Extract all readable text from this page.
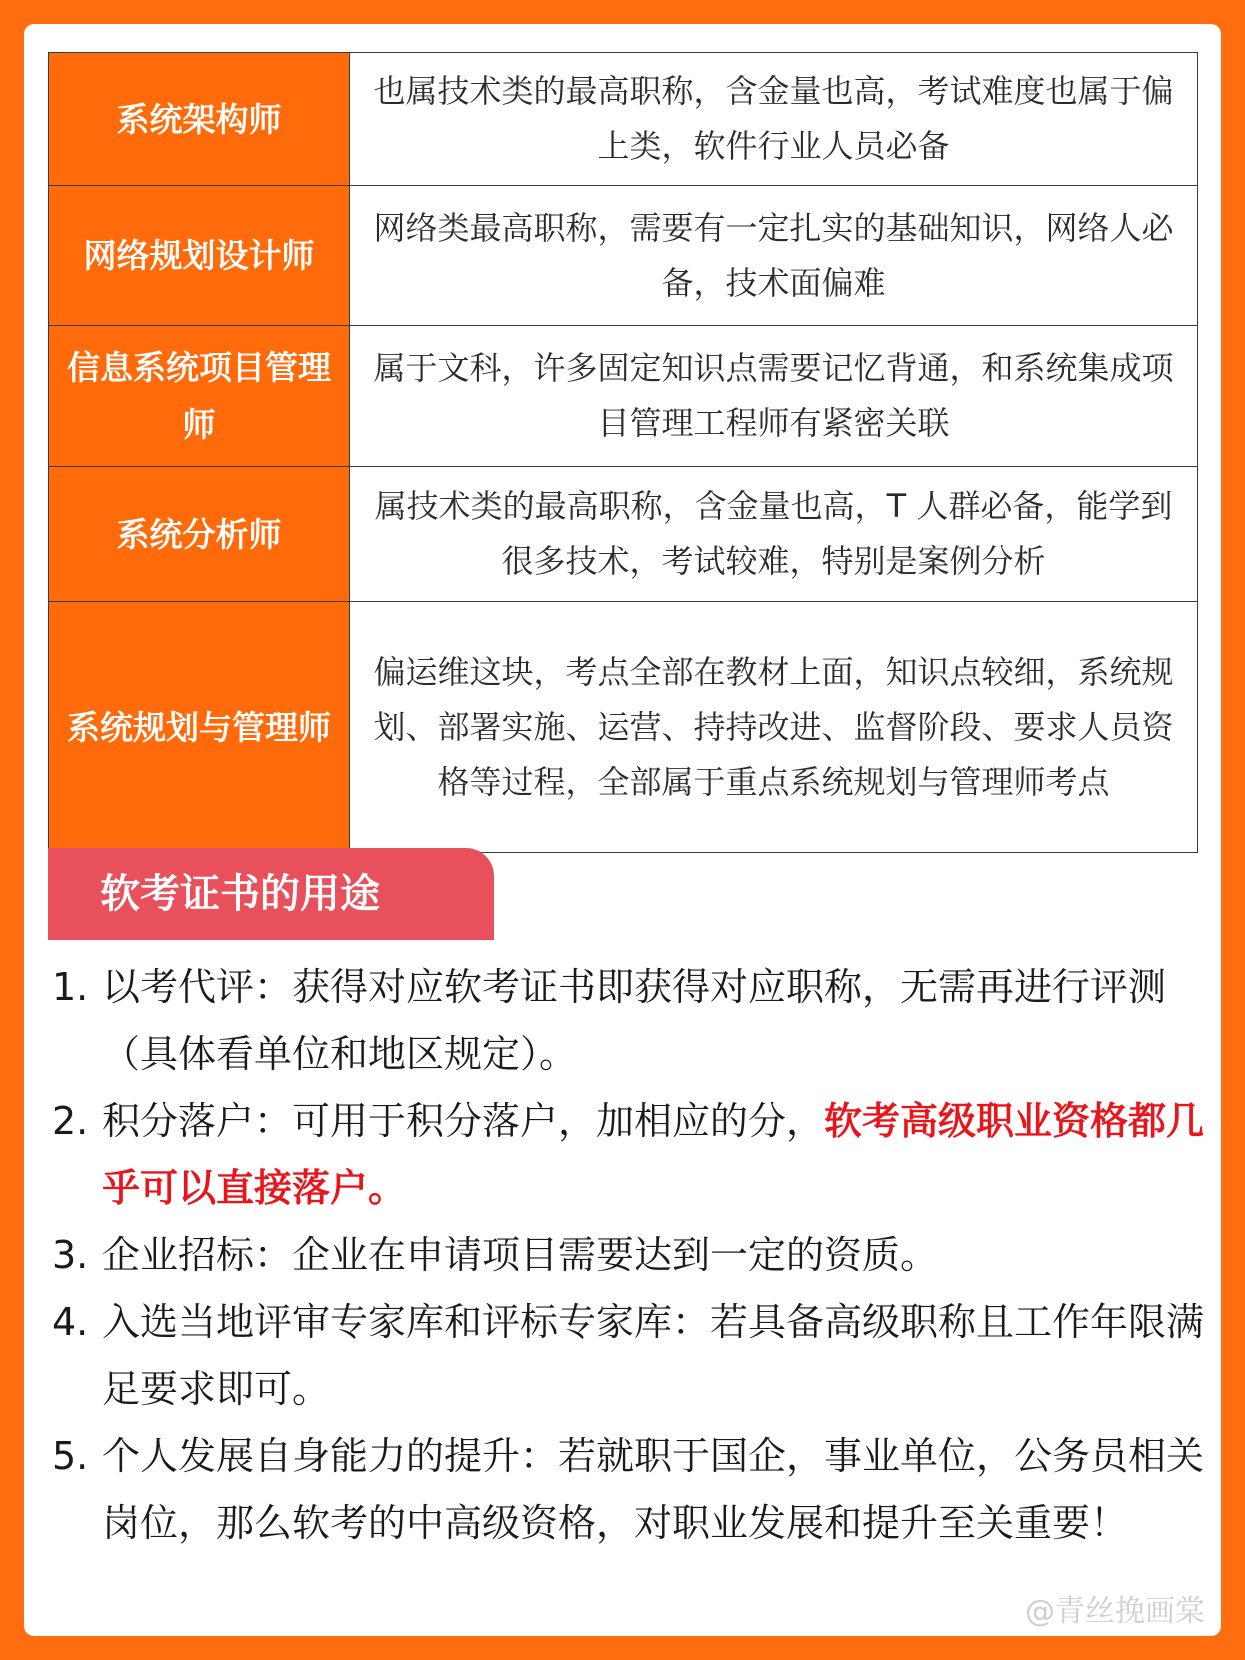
系统架构师	也属技术类的最高职称，含金量也高，考试难度也属于偏上类，软件行业人员必备
网络规划设计师	网络类最高职称，需要有一定扎实的基础知识，网络人必备，技术面偏难
信息系统项目管理师	属于文科，许多固定知识点需要记忆背通，和系统集成项目管理工程师有紧密关联
系统分析师	属技术类的最高职称，含金量也高，T 人群必备，能学到很多技术，考试较难，特别是案例分析
系统规划与管理师	偏运维这块，考点全部在教材上面，知识点较细，系统规划、部署实施、运营、持持改进、监督阶段、要求人员资格等过程，全部属于重点系统规划与管理师考点
软考证书的用途
1. 以考代评：获得对应软考证书即获得对应职称，无需再进行评测（具体看单位和地区规定）。
2. 积分落户：可用于积分落户，加相应的分，软考高级职业资格都几乎可以直接落户。
3. 企业招标：企业在申请项目需要达到一定的资质。
4. 入选当地评审专家库和评标专家库：若具备高级职称且工作年限满足要求即可。
5. 个人发展自身能力的提升：若就职于国企，事业单位，公务员相关岗位，那么软考的中高级资格，对职业发展和提升至关重要！
@青丝挽画棠
